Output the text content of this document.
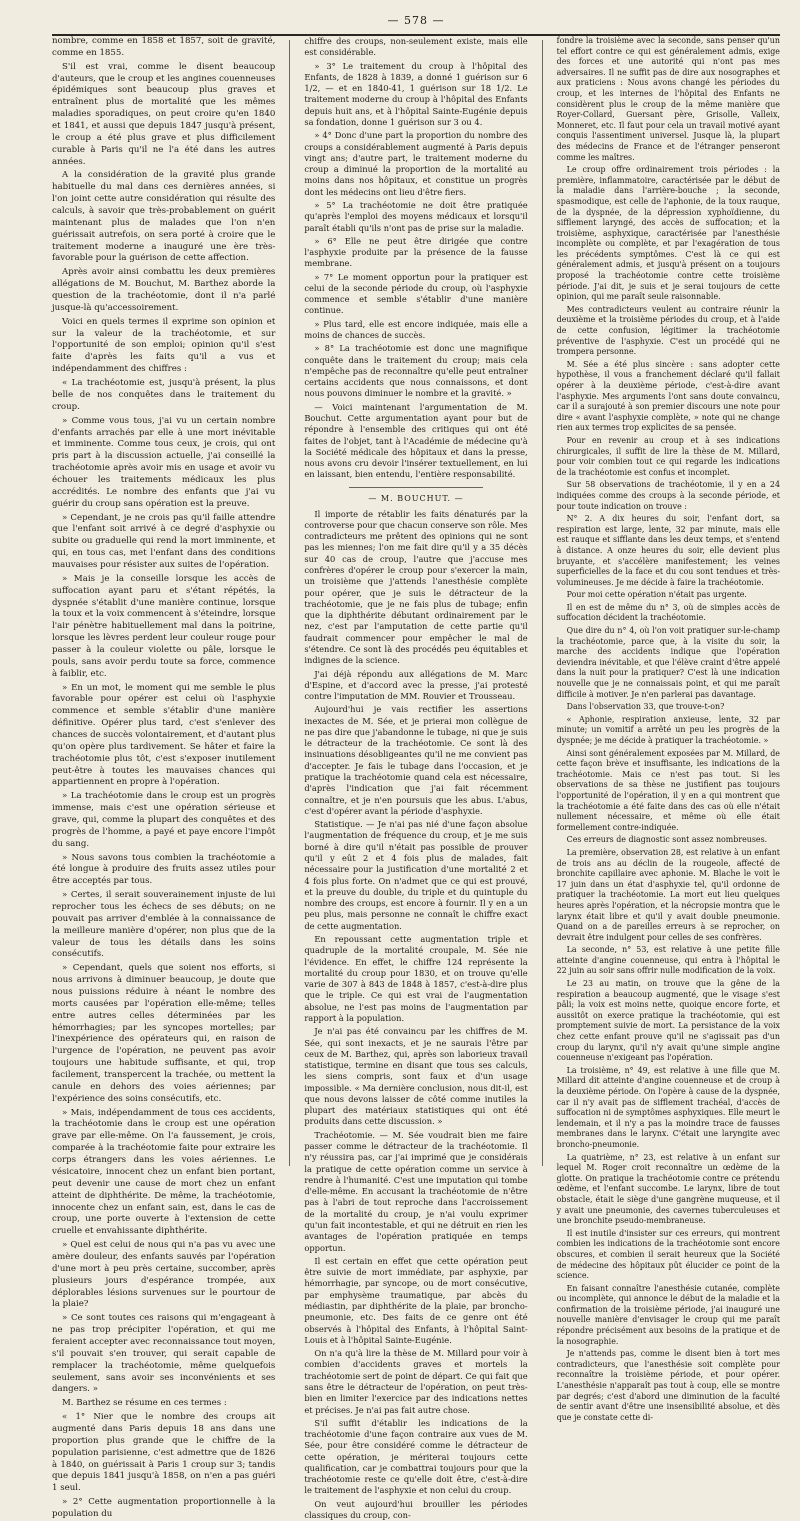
— 578 —

nombre, comme en 1858 et 1857, soit de gravité, comme en 1855.

S'il est vrai, comme le disent beaucoup d'auteurs, que le croup et les angines couenneuses épidémiques sont beaucoup plus graves et entraînent plus de mortalité que les mêmes maladies sporadiques, on peut croire qu'en 1840 et 1841, et aussi que depuis 1847 jusqu'à présent, le croup a été plus grave et plus difficilement curable à Paris qu'il ne l'a été dans les autres années.

A la considération de la gravité plus grande habituelle du mal dans ces dernières années, si l'on joint cette autre considération qui résulte des calculs, à savoir que très-probablement on guérit maintenant plus de malades que l'on n'en guérissait autrefois, on sera porté à croire que le traitement moderne a inauguré une ère très-favorable pour la guérison de cette affection.

Après avoir ainsi combattu les deux premières allégations de M. Bouchut, M. Barthez aborde la question de la trachéotomie, dont il n'a parlé jusque-là qu'accessoirement.

Voici en quels termes il exprime son opinion et sur la valeur de la trachéotomie, et sur l'opportunité de son emploi; opinion qu'il s'est faite d'après les faits qu'il a vus et indépendamment des chiffres :

« La trachéotomie est, jusqu'à présent, la plus belle de nos conquêtes dans le traitement du croup.

» Comme vous tous, j'ai vu un certain nombre d'enfants arrachés par elle à une mort inévitable et imminente. Comme tous ceux, je crois, qui ont pris part à la discussion actuelle, j'ai conseillé la trachéotomie après avoir mis en usage et avoir vu échouer les traitements médicaux les plus accrédités. Le nombre des enfants que j'ai vu guérir du croup sans opération est la preuve.

» Cependant, je ne crois pas qu'il faille attendre que l'enfant soit arrivé à ce degré d'asphyxie ou subite ou graduelle qui rend la mort imminente, et qui, en tous cas, met l'enfant dans des conditions mauvaises pour résister aux suites de l'opération.

» Mais je la conseille lorsque les accès de suffocation ayant paru et s'étant répétés, la dyspnée s'établit d'une manière continue, lorsque la toux et la voix commencent à s'éteindre, lorsque l'air pénètre habituellement mal dans la poitrine, lorsque les lèvres perdent leur couleur rouge pour passer à la couleur violette ou pâle, lorsque le pouls, sans avoir perdu toute sa force, commence à faiblir, etc.

» En un mot, le moment qui me semble le plus favorable pour opérer est celui où l'asphyxie commence et semble s'établir d'une manière définitive. Opérer plus tard, c'est s'enlever des chances de succès volontairement, et d'autant plus qu'on opère plus tardivement. Se hâter et faire la trachéotomie plus tôt, c'est s'exposer inutilement peut-être à toutes les mauvaises chances qui appartiennent en propre à l'opération.

» La trachéotomie dans le croup est un progrès immense, mais c'est une opération sérieuse et grave, qui, comme la plupart des conquêtes et des progrès de l'homme, a payé et paye encore l'impôt du sang.

» Nous savons tous combien la trachéotomie a été longue à produire des fruits assez utiles pour être acceptés par tous.

» Certes, il serait souverainement injuste de lui reprocher tous les échecs de ses débuts; on ne pouvait pas arriver d'emblée à la connaissance de la meilleure manière d'opérer, non plus que de la valeur de tous les détails dans les soins consécutifs.

» Cependant, quels que soient nos efforts, si nous arrivons à diminuer beaucoup, je doute que nous puissions réduire à néant le nombre des morts causées par l'opération elle-même; telles entre autres celles déterminées par les hémorrhagies; par les syncopes mortelles; par l'inexpérience des opérateurs qui, en raison de l'urgence de l'opération, ne peuvent pas avoir toujours une habitude suffisante, et qui, trop facilement, transpercent la trachée, ou mettent la canule en dehors des voies aériennes; par l'expérience des soins consécutifs, etc.

» Mais, indépendamment de tous ces accidents, la trachéotomie dans le croup est une opération grave par elle-même. On l'a faussement, je crois, comparée à la trachéotomie faite pour extraire les corps étrangers dans les voies aériennes. Le vésicatoire, innocent chez un enfant bien portant, peut devenir une cause de mort chez un enfant atteint de diphthérite. De même, la trachéotomie, innocente chez un enfant sain, est, dans le cas de croup, une porte ouverte à l'extension de cette cruelle et envahissante diphthérite.

» Quel est celui de nous qui n'a pas vu avec une amère douleur, des enfants sauvés par l'opération d'une mort à peu près certaine, succomber, après plusieurs jours d'espérance trompée, aux déplorables lésions survenues sur le pourtour de la plaie?

» Ce sont toutes ces raisons qui m'engageant à ne pas trop précipiter l'opération, et qui me feraient accepter avec reconnaissance tout moyen, s'il pouvait s'en trouver, qui serait capable de remplacer la trachéotomie, même quelquefois seulement, sans avoir ses inconvénients et ses dangers. »

M. Barthez se résume en ces termes :

« 1° Nier que le nombre des croups ait augmenté dans Paris depuis 18 ans dans une proportion plus grande que le chiffre de la population parisienne, c'est admettre que de 1826 à 1840, on guérissait à Paris 1 croup sur 3; tandis que depuis 1841 jusqu'à 1858, on n'en a pas guéri 1 seul.

» 2° Cette augmentation proportionnelle à la population du

chiffre des croups, non-seulement existe, mais elle est considérable.

» 3° Le traitement du croup à l'hôpital des Enfants, de 1828 à 1839, a donné 1 guérison sur 6 1/2, — et en 1840-41, 1 guérison sur 18 1/2. Le traitement moderne du croup à l'hôpital des Enfants depuis huit ans, et à l'hôpital Sainte-Eugénie depuis sa fondation, donne 1 guérison sur 3 ou 4.

» 4° Donc d'une part la proportion du nombre des croups a considérablement augmenté à Paris depuis vingt ans; d'autre part, le traitement moderne du croup a diminué la proportion de la mortalité au moins dans nos hôpitaux, et constitue un progrès dont les médecins ont lieu d'être fiers.

» 5° La trachéotomie ne doit être pratiquée qu'après l'emploi des moyens médicaux et lorsqu'il paraît établi qu'ils n'ont pas de prise sur la maladie.

» 6° Elle ne peut être dirigée que contre l'asphyxie produite par la présence de la fausse membrane.

» 7° Le moment opportun pour la pratiquer est celui de la seconde période du croup, où l'asphyxie commence et semble s'établir d'une manière continue.

» Plus tard, elle est encore indiquée, mais elle a moins de chances de succès.

» 8° La trachéotomie est donc une magnifique conquête dans le traitement du croup; mais cela n'empêche pas de reconnaître qu'elle peut entraîner certains accidents que nous connaissons, et dont nous pouvons diminuer le nombre et la gravité. »

— Voici maintenant l'argumentation de M. Bouchut. Cette argumentation ayant pour but de répondre à l'ensemble des critiques qui ont été faites de l'objet, tant à l'Académie de médecine qu'à la Société médicale des hôpitaux et dans la presse, nous avons cru devoir l'insérer textuellement, en lui en laissant, bien entendu, l'entière responsabilité.

— M. BOUCHUT. —

Il importe de rétablir les faits dénaturés par la controverse pour que chacun conserve son rôle. Mes contradicteurs me prêtent des opinions qui ne sont pas les miennes; l'on me fait dire qu'il y a 35 décès sur 40 cas de croup, l'autre que j'accuse mes confrères d'opérer le croup pour s'exercer la main, un troisième que j'attends l'anesthésie complète pour opérer, que je suis le détracteur de la trachéotomie, que je ne fais plus de tubage; enfin que la diphthérite débutant ordinairement par le nez, c'est par l'amputation de cette partie qu'il faudrait commencer pour empêcher le mal de s'étendre. Ce sont là des procédés peu équitables et indignes de la science.

J'ai déjà répondu aux allégations de M. Marc d'Espine, et d'accord avec la presse, j'ai protesté contre l'imputation de MM. Rouvier et Trousseau.

Aujourd'hui je vais rectifier les assertions inexactes de M. Sée, et je prierai mon collègue de ne pas dire que j'abandonne le tubage, ni que je suis le détracteur de la trachéotomie. Ce sont là des insinuations désobligeantes qu'il ne me convient pas d'accepter. Je fais le tubage dans l'occasion, et je pratique la trachéotomie quand cela est nécessaire, d'après l'indication que j'ai fait récemment connaître, et je n'en poursuis que les abus. L'abus, c'est d'opérer avant la période d'asphyxie.

Statistique. — Je n'ai pas nié d'une façon absolue l'augmentation de fréquence du croup, et je me suis borné à dire qu'il n'était pas possible de prouver qu'il y eût 2 et 4 fois plus de malades, fait nécessaire pour la justification d'une mortalité 2 et 4 fois plus forte. On n'admet que ce qui est prouvé, et la preuve du double, du triple et du quintuple du nombre des croups, est encore à fournir. Il y en a un peu plus, mais personne ne connaît le chiffre exact de cette augmentation.

En repoussant cette augmentation triple et quadruple de la mortalité croupale, M. Sée nie l'évidence. En effet, le chiffre 124 représente la mortalité du croup pour 1830, et on trouve qu'elle varie de 307 à 843 de 1848 à 1857, c'est-à-dire plus que le triple. Ce qui est vrai de l'augmentation absolue, ne l'est pas moins de l'augmentation par rapport à la population.

Je n'ai pas été convaincu par les chiffres de M. Sée, qui sont inexacts, et je ne saurais l'être par ceux de M. Barthez, qui, après son laborieux travail statistique, termine en disant que tous ses calculs, les siens compris, sont faux et d'un usage impossible. « Ma dernière conclusion, nous dit-il, est que nous devons laisser de côté comme inutiles la plupart des matériaux statistiques qui ont été produits dans cette discussion. »

Trachéotomie. — M. Sée voudrait bien me faire passer comme le détracteur de la trachéotomie. Il n'y réussira pas, car j'ai imprimé que je considérais la pratique de cette opération comme un service à rendre à l'humanité. C'est une imputation qui tombe d'elle-même. En accusant la trachéotomie de n'être pas à l'abri de tout reproche dans l'accroissement de la mortalité du croup, je n'ai voulu exprimer qu'un fait incontestable, et qui ne détruit en rien les avantages de l'opération pratiquée en temps opportun.

Il est certain en effet que cette opération peut être suivie de mort immédiate, par asphyxie, par hémorrhagie, par syncope, ou de mort consécutive, par emphysème traumatique, par abcès du médiastin, par diphthérite de la plaie, par broncho-pneumonie, etc. Des faits de ce genre ont été observés à l'hôpital des Enfants, à l'hôpital Saint-Louis et à l'hôpital Sainte-Eugénie.

On n'a qu'à lire la thèse de M. Millard pour voir à combien d'accidents graves et mortels la trachéotomie sert de point de départ. Ce qui fait que sans être le détracteur de l'opération, on peut très-bien en limiter l'exercice par des indications nettes et précises. Je n'ai pas fait autre chose.

S'il suffit d'établir les indications de la trachéotomie d'une façon contraire aux vues de M. Sée, pour être considéré comme le détracteur de cette opération, je mériterai toujours cette qualification, car je combattrai toujours pour que la trachéotomie reste ce qu'elle doit être, c'est-à-dire le traitement de l'asphyxie et non celui du croup.

On veut aujourd'hui brouiller les périodes classiques du croup, con-

fondre la troisième avec la seconde, sans penser qu'un tel effort contre ce qui est généralement admis, exige des forces et une autorité qui n'ont pas mes adversaires. Il ne suffit pas de dire aux nosographes et aux praticiens : Nous avons changé les périodes du croup, et les internes de l'hôpital des Enfants ne considèrent plus le croup de la même manière que Royer-Collard, Guersant père, Grisolle, Valleix, Monneret, etc. Il faut pour cela un travail motivé ayant conquis l'assentiment universel. Jusque là, la plupart des médecins de France et de l'étranger penseront comme les maîtres.

Le croup offre ordinairement trois périodes : la première, inflammatoire, caractérisée par le début de la maladie dans l'arrière-bouche ; la seconde, spasmodique, est celle de l'aphonie, de la toux rauque, de la dyspnée, de la dépression xyphoïdienne, du sifflement laryngé, des accès de suffocation; et la troisième, asphyxique, caractérisée par l'anesthésie incomplète ou complète, et par l'exagération de tous les précédents symptômes. C'est là ce qui est généralement admis, et jusqu'à présent on a toujours proposé la trachéotomie contre cette troisième période. J'ai dit, je suis et je serai toujours de cette opinion, qui me paraît seule raisonnable.

Mes contradicteurs veulent au contraire réunir la deuxième et la troisième périodes du croup, et à l'aide de cette confusion, légitimer la trachéotomie préventive de l'asphyxie. C'est un procédé qui ne trompera personne.

M. Sée a été plus sincère : sans adopter cette hypothèse, il vous a franchement déclaré qu'il fallait opérer à la deuxième période, c'est-à-dire avant l'asphyxie. Mes arguments l'ont sans doute convaincu, car il a surajouté à son premier discours une note pour dire « avant l'asphyxie complète, » note qui ne change rien aux termes trop explicites de sa pensée.

Pour en revenir au croup et à ses indications chirurgicales, il suffit de lire la thèse de M. Millard, pour voir combien tout ce qui regarde les indications de la trachéotomie est confus et incomplet.

Sur 58 observations de trachéotomie, il y en a 24 indiquées comme des croups à la seconde période, et pour toute indication on trouve :

N° 2. A dix heures du soir, l'enfant dort, sa respiration est large, lente, 32 par minute, mais elle est rauque et sifflante dans les deux temps, et s'entend à distance. A onze heures du soir, elle devient plus bruyante, et s'accélère manifestement; les veines superficielles de la face et du cou sont tendues et très-volumineuses. Je me décide à faire la trachéotomie.

Pour moi cette opération n'était pas urgente.

Il en est de même du n° 3, où de simples accès de suffocation décident la trachéotomie.

Que dire du n° 4, où l'on voit pratiquer sur-le-champ la trachéotomie, parce que, à la visite du soir, la marche des accidents indique que l'opération deviendra inévitable, et que l'élève craint d'être appelé dans la nuit pour la pratiquer? C'est là une indication nouvelle que je ne connaissais point, et qui me paraît difficile à motiver. Je n'en parlerai pas davantage.

Dans l'observation 33, que trouve-t-on?

« Aphonie, respiration anxieuse, lente, 32 par minute; un vomitif a arrêté un peu les progrès de la dyspnée; je me décide à pratiquer la trachéotomie. »

Ainsi sont généralement exposées par M. Millard, de cette façon brève et insuffisante, les indications de la trachéotomie. Mais ce n'est pas tout. Si les observations de sa thèse ne justifient pas toujours l'opportunité de l'opération, il y en a qui montrent que la trachéotomie a été faite dans des cas où elle n'était nullement nécessaire, et même où elle était formellement contre-indiquée.

Ces erreurs de diagnostic sont assez nombreuses.

La première, observation 28, est relative à un enfant de trois ans au déclin de la rougeole, affecté de bronchite capillaire avec aphonie. M. Blache le voit le 17 juin dans un état d'asphyxie tel, qu'il ordonne de pratiquer la trachéotomie. La mort eut lieu quelques heures après l'opération, et la nécropsie montra que le larynx était libre et qu'il y avait double pneumonie. Quand on a de pareilles erreurs à se reprocher, on devrait être indulgent pour celles de ses confrères.

La seconde, n° 53, est relative à une petite fille atteinte d'angine couenneuse, qui entra à l'hôpital le 22 juin au soir sans offrir nulle modification de la voix.

Le 23 au matin, on trouve que la gêne de la respiration a beaucoup augmenté, que le visage s'est pâli; la voix est moins nette, quoique encore forte, et aussitôt on exerce pratique la trachéotomie, qui est promptement suivie de mort. La persistance de la voix chez cette enfant prouve qu'il ne s'agissait pas d'un croup du larynx, qu'il n'y avait qu'une simple angine couenneuse n'exigeant pas l'opération.

La troisième, n° 49, est relative à une fille que M. Millard dit atteinte d'angine couenneuse et de croup à la deuxième période. On l'opère à cause de la dyspnée, car il n'y avait pas de sifflement trachéal, d'accès de suffocation ni de symptômes asphyxiques. Elle meurt le lendemain, et il n'y a pas la moindre trace de fausses membranes dans le larynx. C'était une laryngite avec broncho-pneumonie.

La quatrième, n° 23, est relative à un enfant sur lequel M. Roger croit reconnaître un œdème de la glotte. On pratique la trachéotomie contre ce prétendu œdème, et l'enfant succombe. Le larynx, libre de tout obstacle, était le siège d'une gangrène muqueuse, et il y avait une pneumonie, des cavernes tuberculeuses et une bronchite pseudo-membraneuse.

Il est inutile d'insister sur ces erreurs, qui montrent combien les indications de la trachéotomie sont encore obscures, et combien il serait heureux que la Société de médecine des hôpitaux pût élucider ce point de la science.

En faisant connaître l'anesthésie cutanée, complète ou incomplète, qui annonce le début de la maladie et la confirmation de la troisième période, j'ai inauguré une nouvelle manière d'envisager le croup qui me paraît répondre précisément aux besoins de la pratique et de la nosographie.

Je n'attends pas, comme le disent bien à tort mes contradicteurs, que l'anesthésie soit complète pour reconnaître la troisième période, et pour opérer. L'anesthésie n'apparaît pas tout à coup, elle se montre par degrés; c'est d'abord une diminution de la faculté de sentir avant d'être une insensibilité absolue, et dès que je constate cette di-
